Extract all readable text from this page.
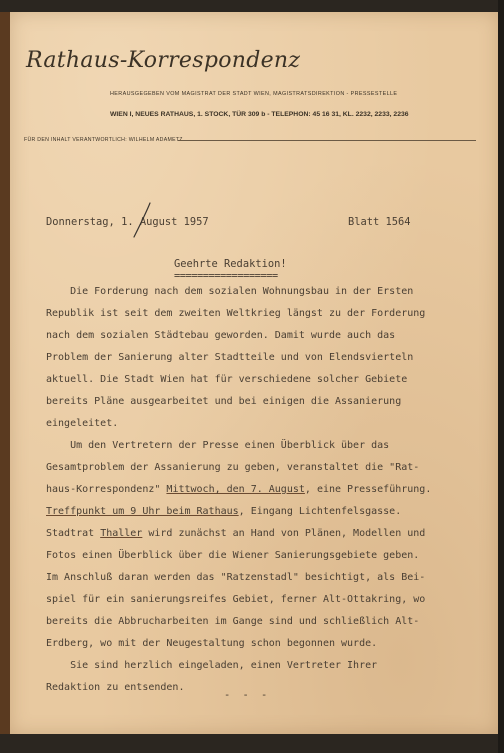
Rathaus-Korrespondenz
HERAUSGEGEBEN VOM MAGISTRAT DER STADT WIEN, MAGISTRATSDIREKTION - PRESSESTELLE
WIEN I, NEUES RATHAUS, 1. STOCK, TÜR 309 b - TELEPHON: 45 16 31, KL. 2232, 2233, 2236
FÜR DEN INHALT VERANTWORTLICH: WILHELM ADAMETZ
Donnerstag, 1. August 1957	Blatt 1564
Geehrte Redaktion!
==================
Die Forderung nach dem sozialen Wohnungsbau in der Ersten
Republik ist seit dem zweiten Weltkrieg längst zu der Forderung
nach dem sozialen Städtebau geworden. Damit wurde auch das
Problem der Sanierung alter Stadtteile und von Elendsvierteln
aktuell. Die Stadt Wien hat für verschiedene solcher Gebiete
bereits Pläne ausgearbeitet und bei einigen die Assanierung
eingeleitet.
Um den Vertretern der Presse einen Überblick über das
Gesamtproblem der Assanierung zu geben, veranstaltet die "Rat-
haus-Korrespondenz" Mittwoch, den 7. August, eine Presseführung.
Treffpunkt um 9 Uhr beim Rathaus, Eingang Lichtenfelsgasse.
Stadtrat Thaller wird zunächst an Hand von Plänen, Modellen und
Fotos einen Überblick über die Wiener Sanierungsgebiete geben.
Im Anschluß daran werden das "Ratzenstadl" besichtigt, als Bei-
spiel für ein sanierungsreifes Gebiet, ferner Alt-Ottakring, wo
bereits die Abbrucharbeiten im Gange sind und schließlich Alt-
Erdberg, wo mit der Neugestaltung schon begonnen wurde.
Sie sind herzlich eingeladen, einen Vertreter Ihrer
Redaktion zu entsenden.
- - -
